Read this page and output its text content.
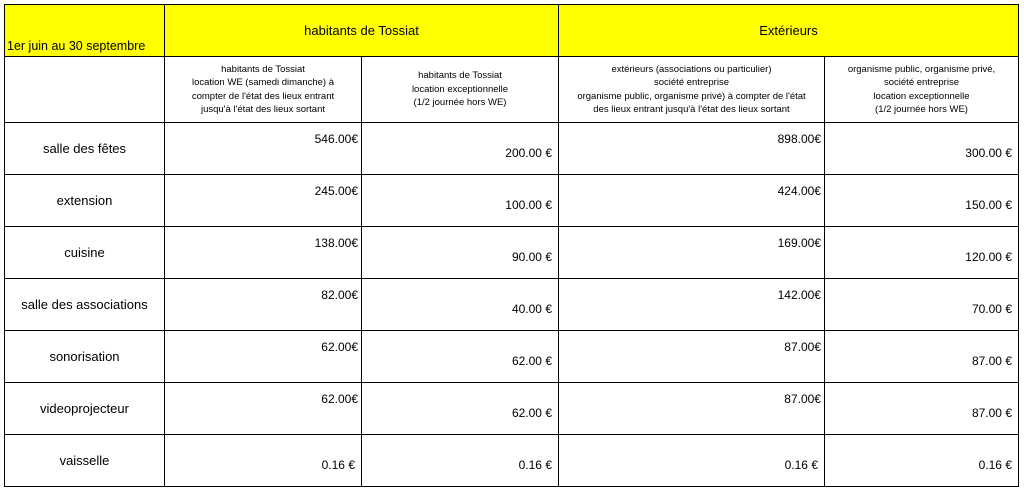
1er juin au 30 septembre	habitants de Tossiat		Extérieurs	

	habitants de Tossiat
location WE (samedi dimanche) à
compter de l'état des lieux entrant
jusqu'à l'état des lieux sortant	habitants de Tossiat
location exceptionnelle
(1/2 journée hors WE)	extérieurs (associations ou particulier)
société entreprise
organisme public, organisme privé) à compter de l'état
des lieux entrant jusqu'à l'état des lieux sortant	organisme public, organisme privé,
société entreprise
location exceptionnelle
(1/2 journée hors WE)

salle des fêtes	546.00€	200.00 €	898.00€	300.00 €
extension	245.00€	100.00 €	424.00€	150.00 €
cuisine	138.00€	90.00 €	169.00€	120.00 €
salle des associations	82.00€	40.00 €	142.00€	70.00 €
sonorisation	62.00€	62.00 €	87.00€	87.00 €
videoprojecteur	62.00€	62.00 €	87.00€	87.00 €
vaisselle	0.16 €	0.16 €	0.16 €	0.16 €
